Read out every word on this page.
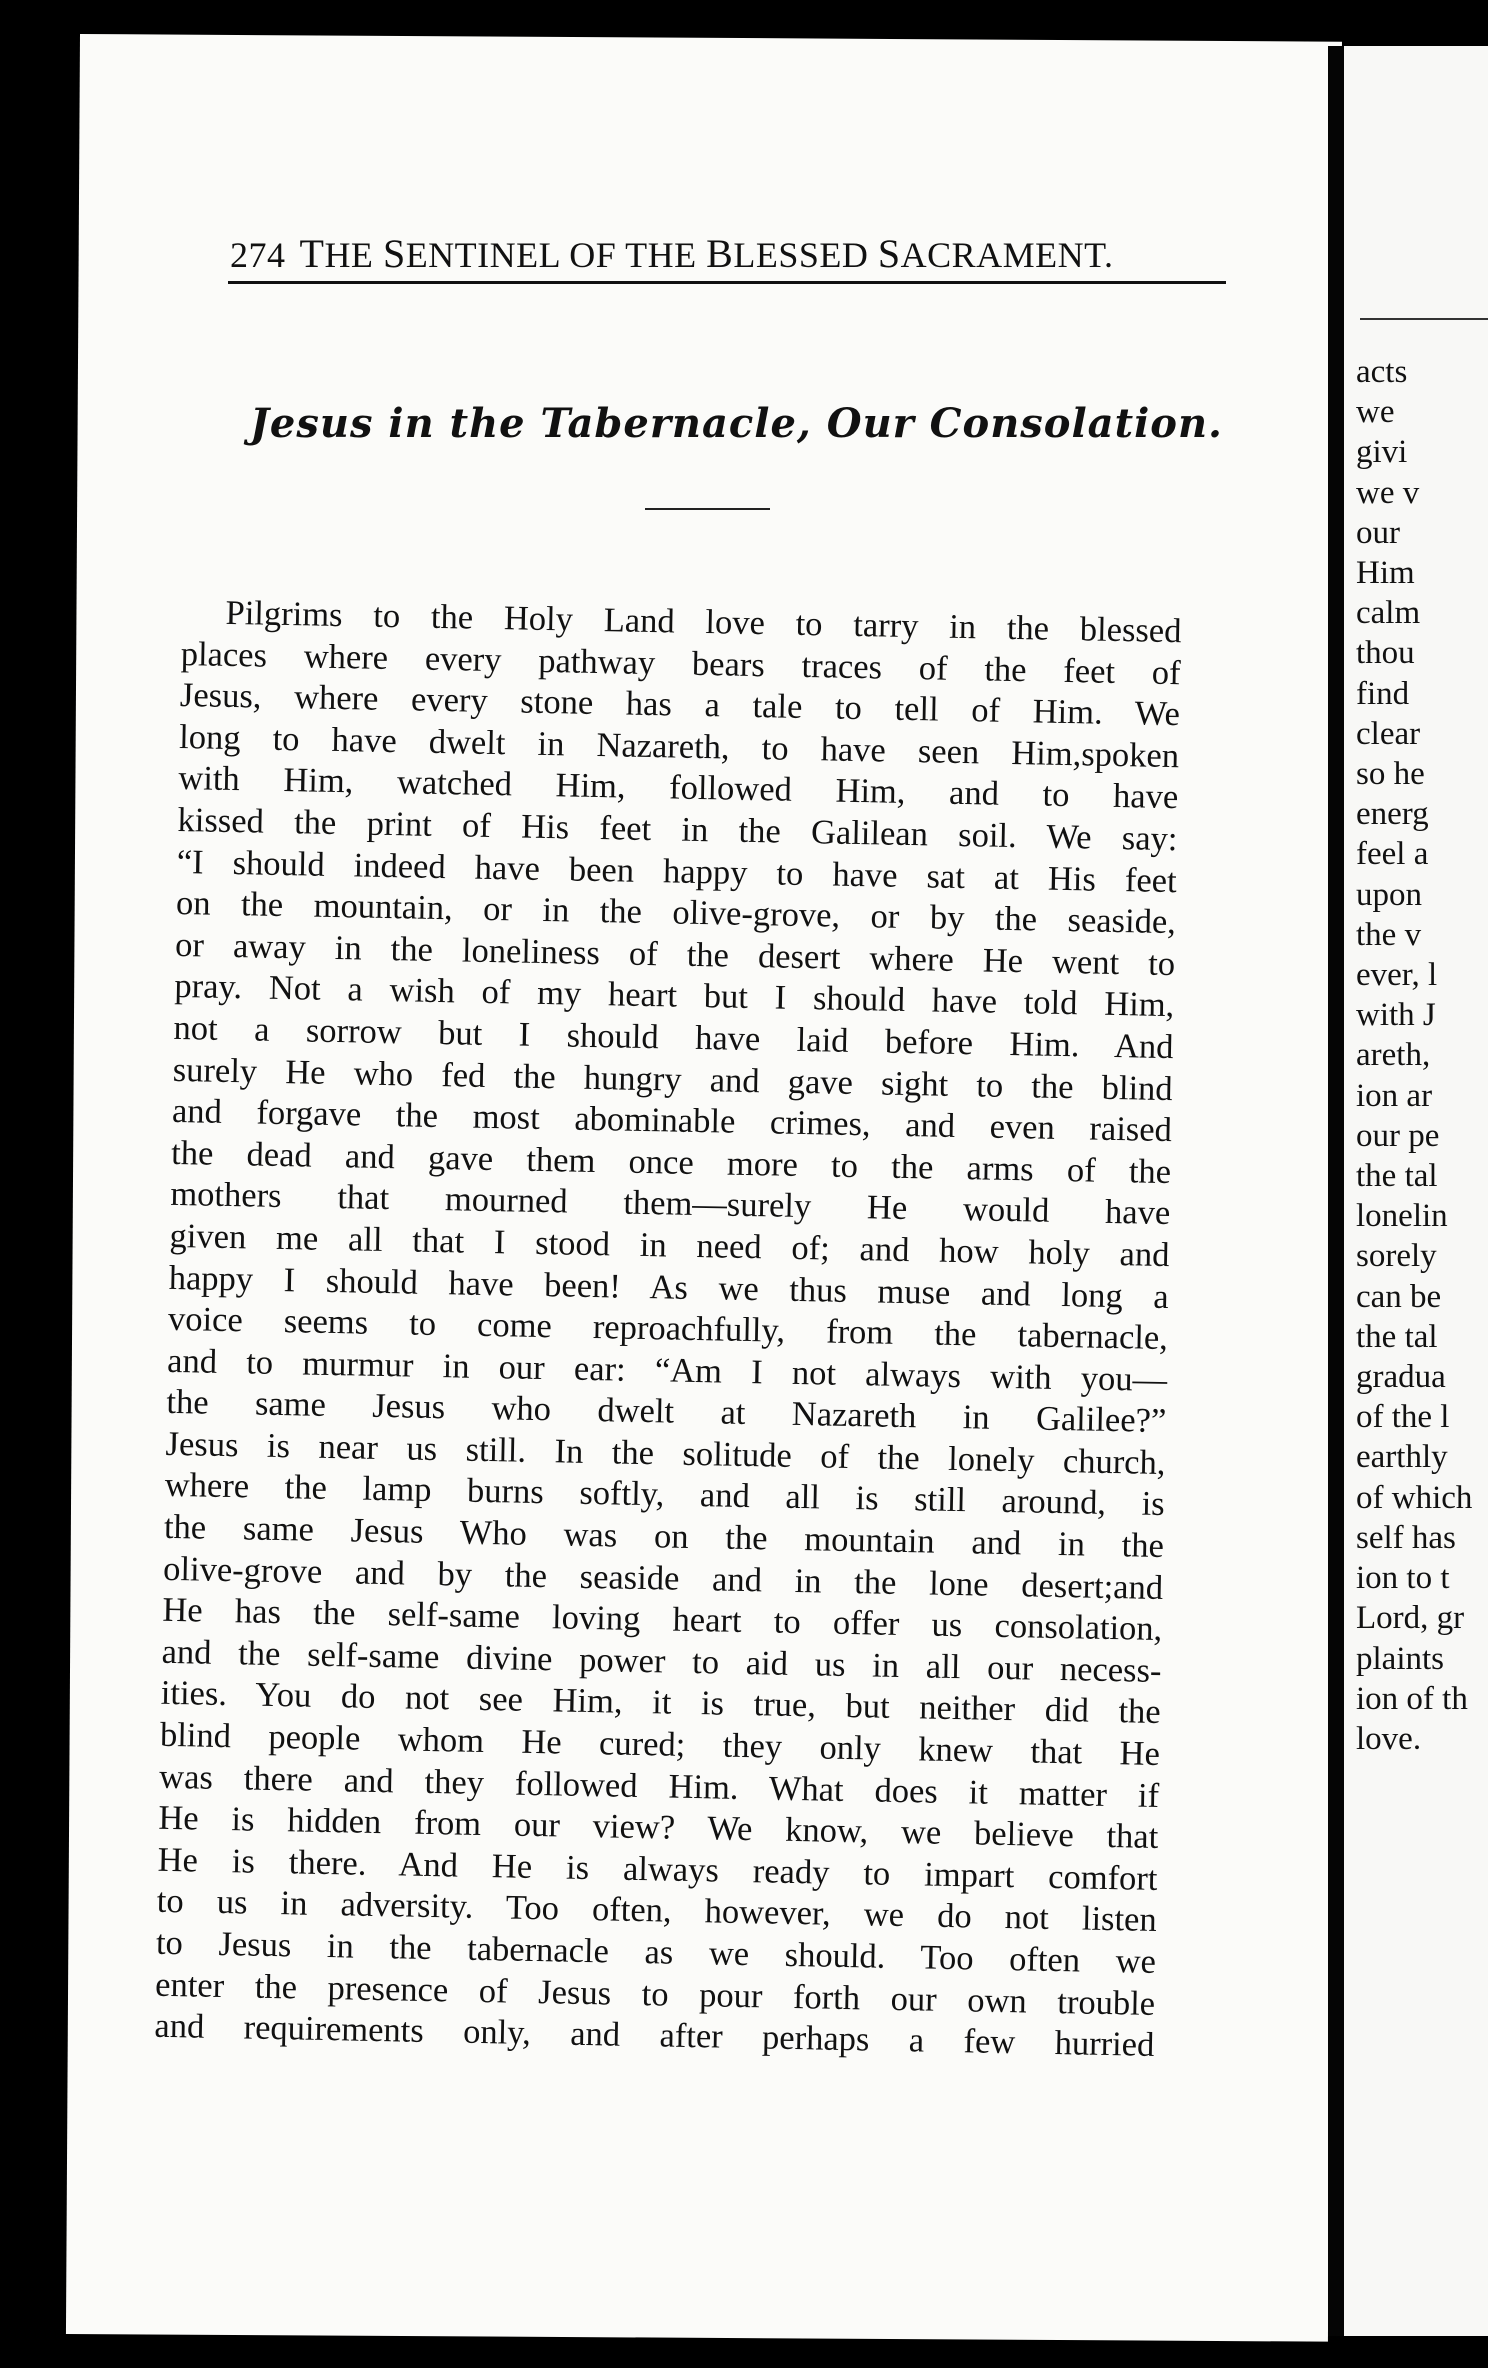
274 THE SENTINEL OF THE BLESSED SACRAMENT.
Jesus in the Tabernacle, Our Consolation.
Pilgrims to the Holy Land love to tarry in the blessed
places where every pathway bears traces of the feet of
Jesus, where every stone has a tale to tell of Him. We
long to have dwelt in Nazareth, to have seen Him,spoken
with Him, watched Him, followed Him, and to have
kissed the print of His feet in the Galilean soil. We say:
“I should indeed have been happy to have sat at His feet
on the mountain, or in the olive-grove, or by the seaside,
or away in the loneliness of the desert where He went to
pray. Not a wish of my heart but I should have told Him,
not a sorrow but I should have laid before Him. And
surely He who fed the hungry and gave sight to the blind
and forgave the most abominable crimes, and even raised
the dead and gave them once more to the arms of the
mothers that mourned them—surely He would have
given me all that I stood in need of; and how holy and
happy I should have been! As we thus muse and long a
voice seems to come reproachfully, from the tabernacle,
and to murmur in our ear: “Am I not always with you—
the same Jesus who dwelt at Nazareth in Galilee?”
Jesus is near us still. In the solitude of the lonely church,
where the lamp burns softly, and all is still around, is
the same Jesus Who was on the mountain and in the
olive-grove and by the seaside and in the lone desert;and
He has the self-same loving heart to offer us consolation,
and the self-same divine power to aid us in all our necess-
ities. You do not see Him, it is true, but neither did the
blind people whom He cured; they only knew that He
was there and they followed Him. What does it matter if
He is hidden from our view? We know, we believe that
He is there. And He is always ready to impart comfort
to us in adversity. Too often, however, we do not listen
to Jesus in the tabernacle as we should. Too often we
enter the presence of Jesus to pour forth our own trouble
and requirements only, and after perhaps a few hurried
acts
we
givi
we v
our
Him
calm
thou
find
clear
so he
energ
feel a
upon
the v
ever, l
with J
areth,
ion ar
our pe
the tal
lonelin
sorely
can be
the tal
gradua
of the l
earthly
of which
self has
ion to t
Lord, gr
plaints
ion of th
love.
